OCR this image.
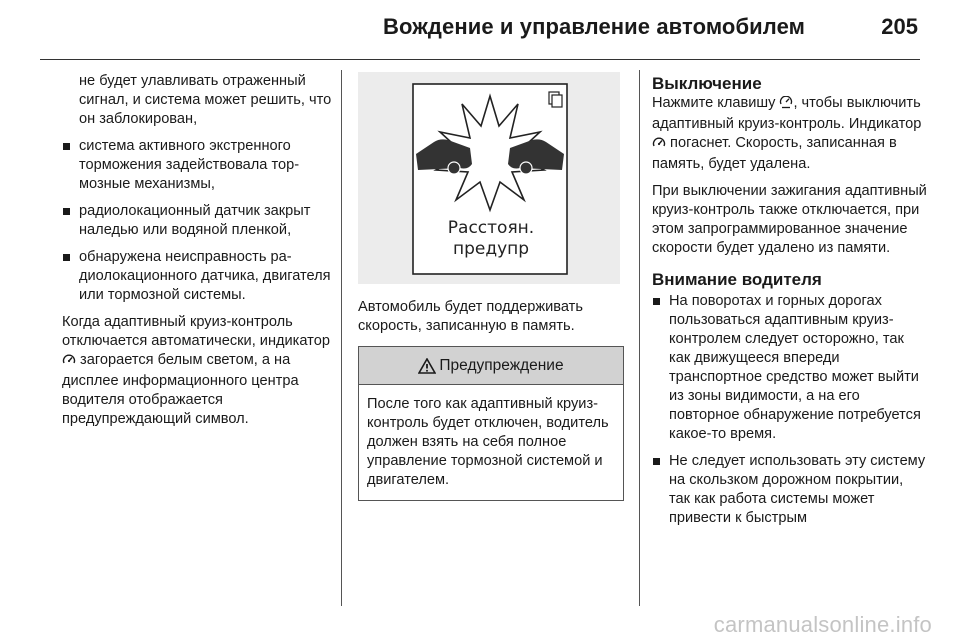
Вождение и управление автомобилем	205
не будет улавливать отраженный сигнал, и система может решить, что он заблокирован,
система активного экстренного торможения задействовала тормозные механизмы,
радиолокационный датчик закрыт наледью или водяной пленкой,
обнаружена неисправность радиолокационного датчика, двигателя или тормозной системы.

Когда адаптивный круиз-контроль отключается автоматически, индикатор  загорается белым светом, а на дисплее информационного центра водителя отображается предупреждающий символ.

Расстоян.
предупр

Автомобиль будет поддерживать скорость, записанную в память.

Предупреждение
После того как адаптивный круиз-контроль будет отключен, водитель должен взять на себя полное управление тормозной системой и двигателем.
Выключение

Нажмите клавишу , чтобы выключить адаптивный круиз-контроль. Индикатор  погаснет. Скорость, записанная в память, будет удалена.

При выключении зажигания адаптивный круиз-контроль также отключается, при этом запрограммированное значение скорости будет удалено из памяти.

Внимание водителя
На поворотах и горных дорогах пользоваться адаптивным круиз-контролем следует осторожно, так как движущееся впереди транспортное средство может выйти из зоны видимости, а на его повторное обнаружение потребуется какое-то время.
Не следует использовать эту систему на скользком дорожном покрытии, так как работа системы может привести к быстрым
carmanualsonline.info
